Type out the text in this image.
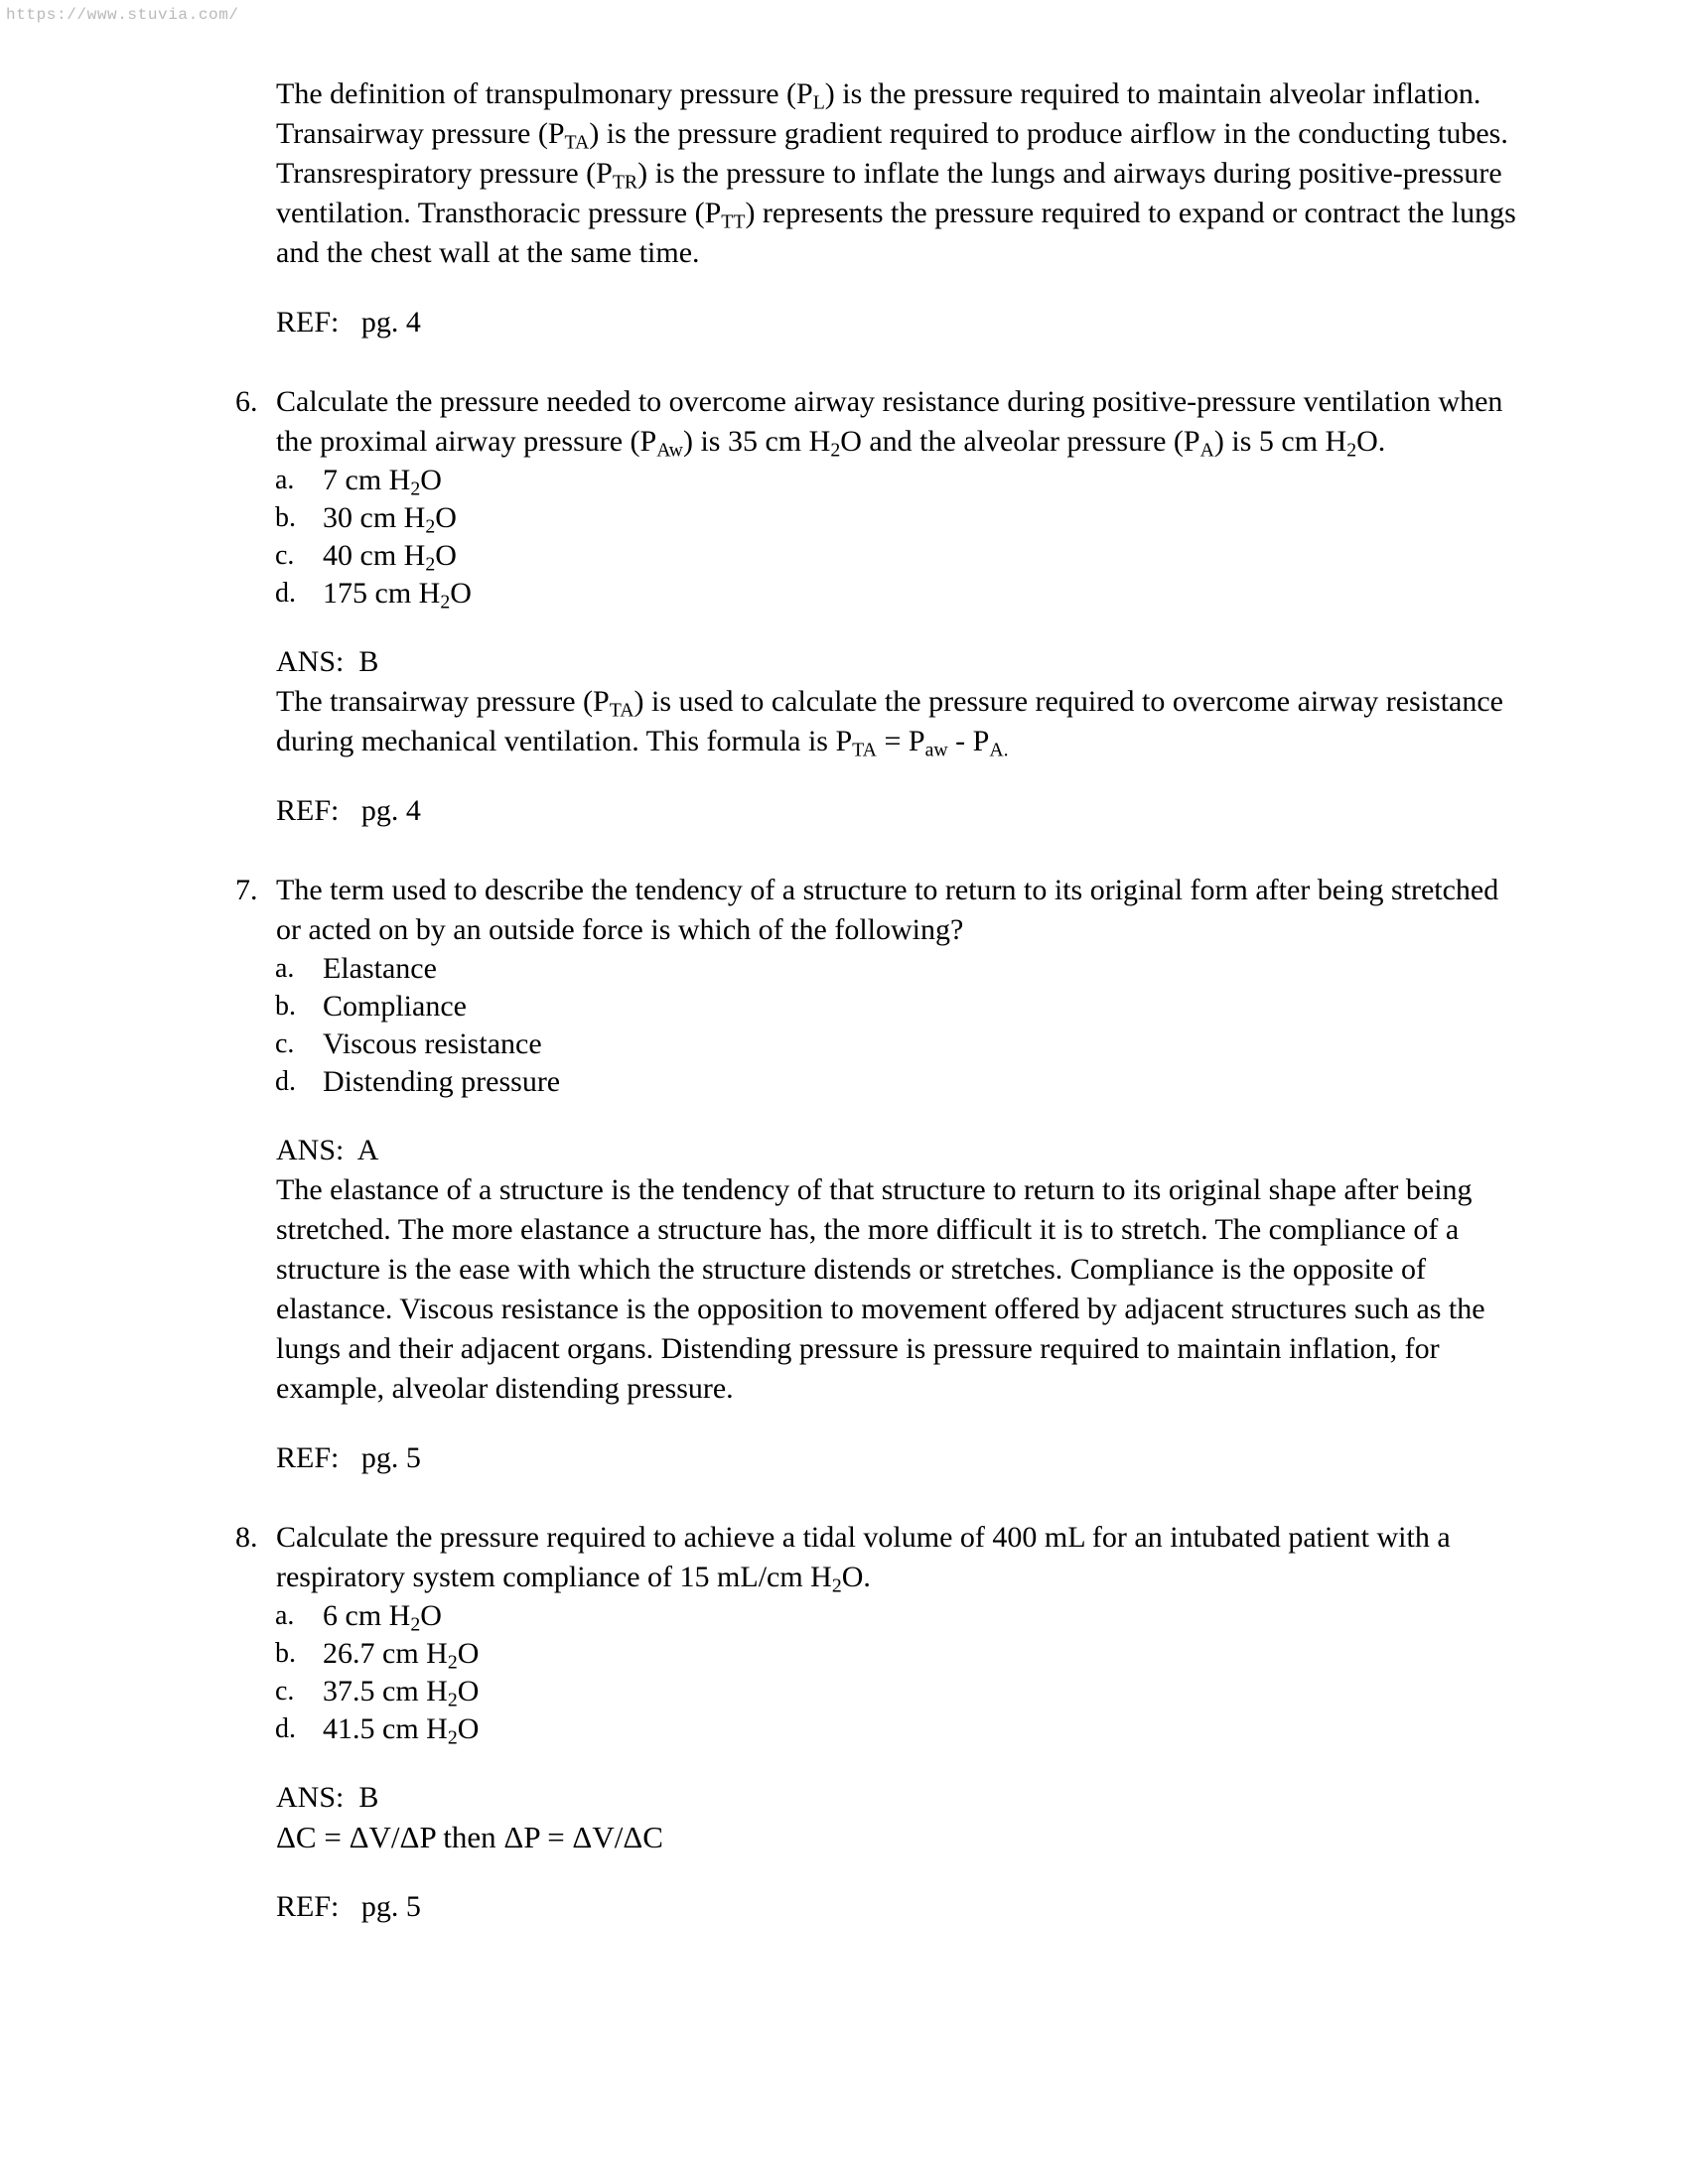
https://www.stuvia.com/
The definition of transpulmonary pressure $(P_L)$ is the pressure required to maintain alveolar inflation. Transairway pressure $(P_{TA})$ is the pressure gradient required to produce airflow in the conducting tubes. Transrespiratory pressure $(P_{TR})$ is the pressure to inflate the lungs and airways during positive-pressure ventilation. Transthoracic pressure $(P_{TT})$ represents the pressure required to expand or contract the lungs and the chest wall at the same time.
REF:   pg. 4
6. Calculate the pressure needed to overcome airway resistance during positive-pressure ventilation when the proximal airway pressure $(P_{Aw})$ is 35 cm $H_2O$ and the alveolar pressure $(P_A)$ is 5 cm $H_2O$.
a. 7 cm $H_2O$
b. 30 cm $H_2O$
c. 40 cm $H_2O$
d. 175 cm $H_2O$
ANS:  B
The transairway pressure $(P_{TA})$ is used to calculate the pressure required to overcome airway resistance during mechanical ventilation. This formula is $P_{TA} = P_{aw} - P_{A.}$
REF:   pg. 4
7. The term used to describe the tendency of a structure to return to its original form after being stretched or acted on by an outside force is which of the following?
a. Elastance
b. Compliance
c. Viscous resistance
d. Distending pressure
ANS:  A
The elastance of a structure is the tendency of that structure to return to its original shape after being stretched. The more elastance a structure has, the more difficult it is to stretch. The compliance of a structure is the ease with which the structure distends or stretches. Compliance is the opposite of elastance. Viscous resistance is the opposition to movement offered by adjacent structures such as the lungs and their adjacent organs. Distending pressure is pressure required to maintain inflation, for example, alveolar distending pressure.
REF:   pg. 5
8. Calculate the pressure required to achieve a tidal volume of 400 mL for an intubated patient with a respiratory system compliance of 15 mL/cm $H_2O$.
a. 6 cm $H_2O$
b. 26.7 cm $H_2O$
c. 37.5 cm $H_2O$
d. 41.5 cm $H_2O$
ANS:  B
ΔC = ΔV/ΔP then ΔP = ΔV/ΔC
REF:   pg. 5
